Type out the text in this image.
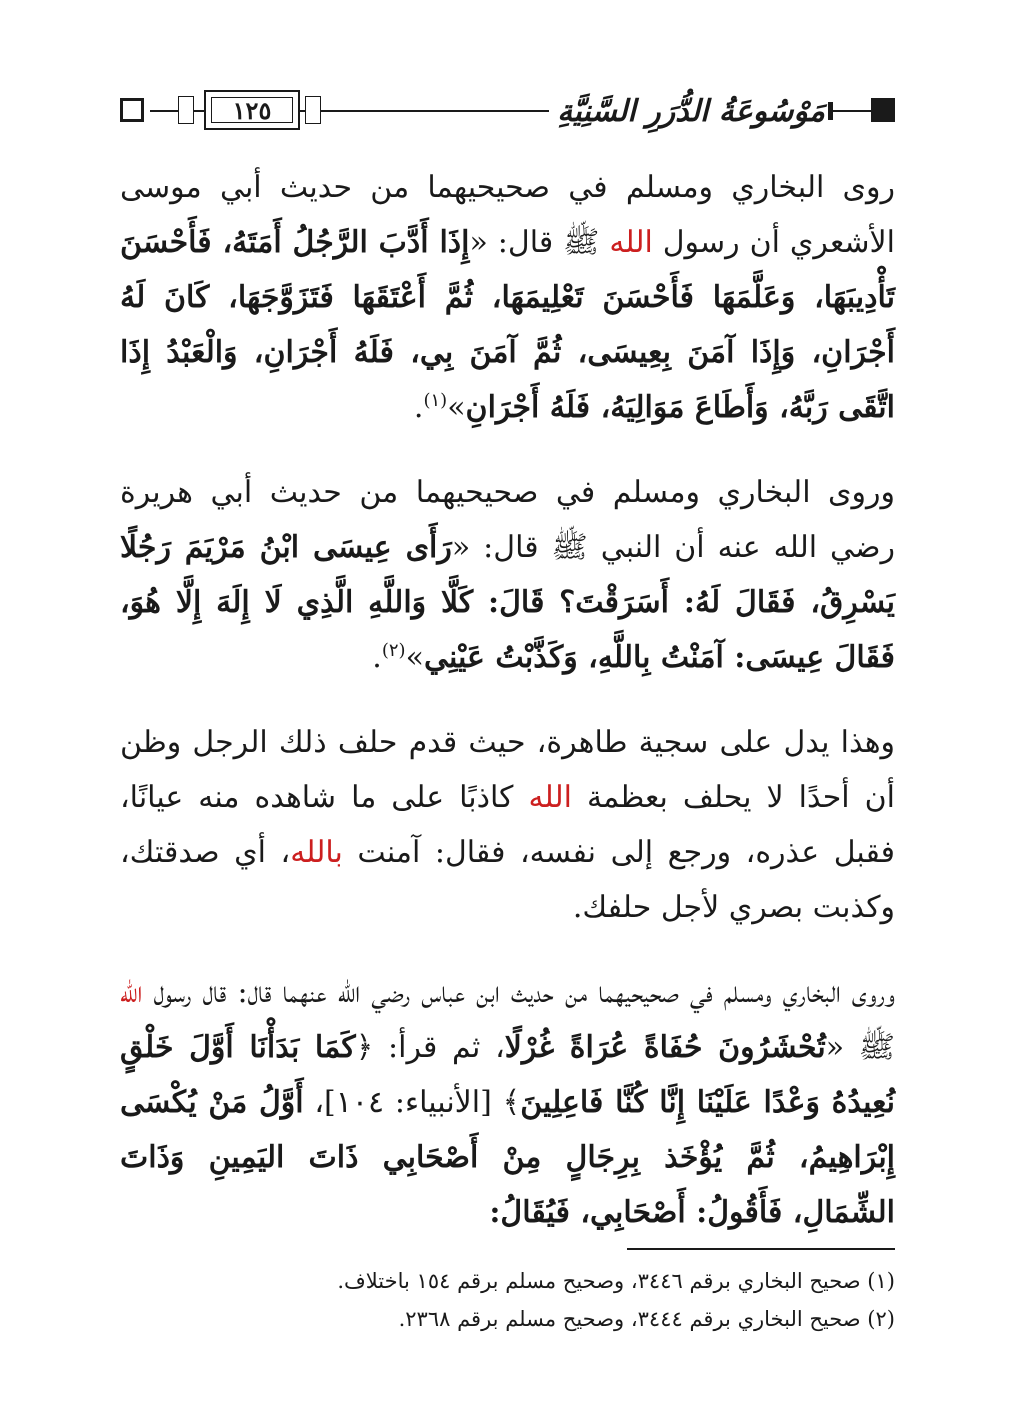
١٢٥	مَوْسُوعَةُ الدُّرَرِ السَّنِيَّةِ

روى البخاري ومسلم في صحيحيهما من حديث أبي موسى الأشعري أن رسول الله ﷺ قال: «إِذَا أَدَّبَ الرَّجُلُ أَمَتَهُ، فَأَحْسَنَ تَأْدِيبَهَا، وَعَلَّمَهَا فَأَحْسَنَ تَعْلِيمَهَا، ثُمَّ أَعْتَقَهَا فَتَزَوَّجَهَا، كَانَ لَهُ أَجْرَانِ، وَإِذَا آمَنَ بِعِيسَى، ثُمَّ آمَنَ بِي، فَلَهُ أَجْرَانِ، وَالْعَبْدُ إِذَا اتَّقَى رَبَّهُ، وَأَطَاعَ مَوَالِيَهُ، فَلَهُ أَجْرَانِ»$^{(١)}$.

وروى البخاري ومسلم في صحيحيهما من حديث أبي هريرة رضي الله عنه أن النبي ﷺ قال: «رَأَى عِيسَى ابْنُ مَرْيَمَ رَجُلًا يَسْرِقُ، فَقَالَ لَهُ: أَسَرَقْتَ؟ قَالَ: كَلَّا وَاللَّهِ الَّذِي لَا إِلَهَ إِلَّا هُوَ، فَقَالَ عِيسَى: آمَنْتُ بِاللَّهِ، وَكَذَّبْتُ عَيْنِي»$^{(٢)}$.

وهذا يدل على سجية طاهرة، حيث قدم حلف ذلك الرجل وظن أن أحدًا لا يحلف بعظمة الله كاذبًا على ما شاهده منه عيانًا، فقبل عذره، ورجع إلى نفسه، فقال: آمنت بالله، أي صدقتك، وكذبت بصري لأجل حلفك.

وروى البخاري ومسلم في صحيحيهما من حديث ابن عباس رضي الله عنهما قال: قال رسول الله ﷺ «تُحْشَرُونَ حُفَاةً عُرَاةً غُرْلًا، ثم قرأ: ﴿كَمَا بَدَأْنَا أَوَّلَ خَلْقٍ نُعِيدُهُ وَعْدًا عَلَيْنَا إِنَّا كُنَّا فَاعِلِينَ﴾ [الأنبياء: ١٠٤]، أَوَّلُ مَنْ يُكْسَى إِبْرَاهِيمُ، ثُمَّ يُؤْخَذ بِرِجَالٍ مِنْ أَصْحَابِي ذَاتَ اليَمِينِ وَذَاتَ الشِّمَالِ، فَأَقُولُ: أَصْحَابِي، فَيُقَالُ:

(١) صحيح البخاري برقم ٣٤٤٦، وصحيح مسلم برقم ١٥٤ باختلاف.
(٢) صحيح البخاري برقم ٣٤٤٤، وصحيح مسلم برقم ٢٣٦٨.
